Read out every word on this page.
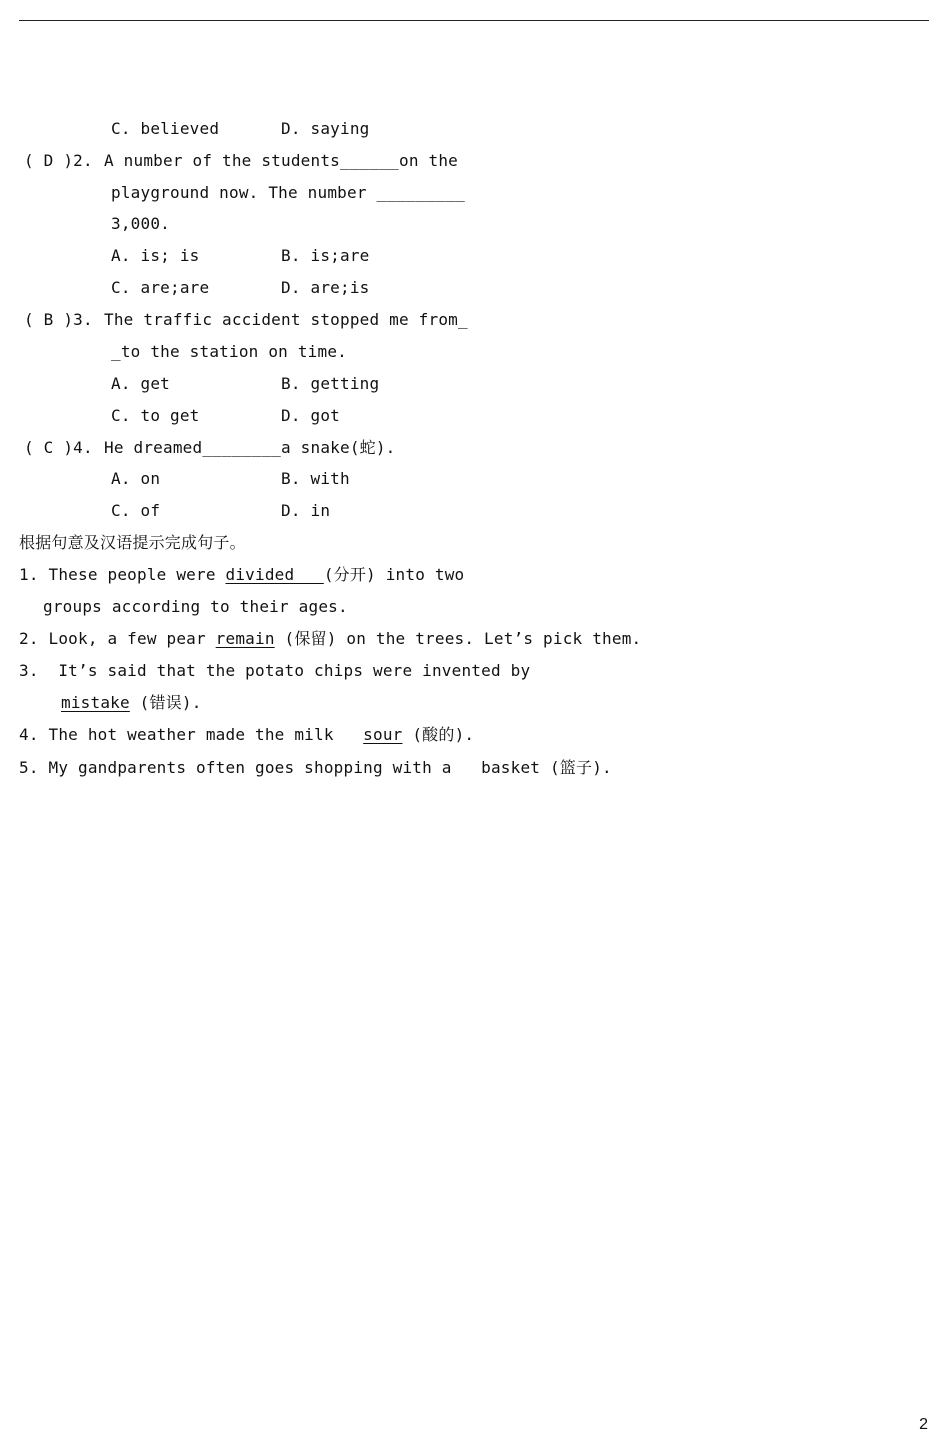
C. believed	D. saying
( D )2. A number of the students______on the
playground now. The number _________
3,000.
A. is; is	B. is;are
C. are;are	D. are;is
( B )3. The traffic accident stopped me from_
_to the station on time.
A. get	B. getting
C. to get	D. got
( C )4. He dreamed________a snake(蛇).
A. on	B. with
C. of	D. in
根据句意及汉语提示完成句子。
1. These people were divided   (分开) into two
groups according to their ages.
2. Look, a few pear remain (保留) on the trees. Let’s pick them.
3.  It’s said that the potato chips were invented by
mistake (错误).
4. The hot weather made the milk   sour (酸的).
5. My gandparents often goes shopping with a   basket (篮子).
2
